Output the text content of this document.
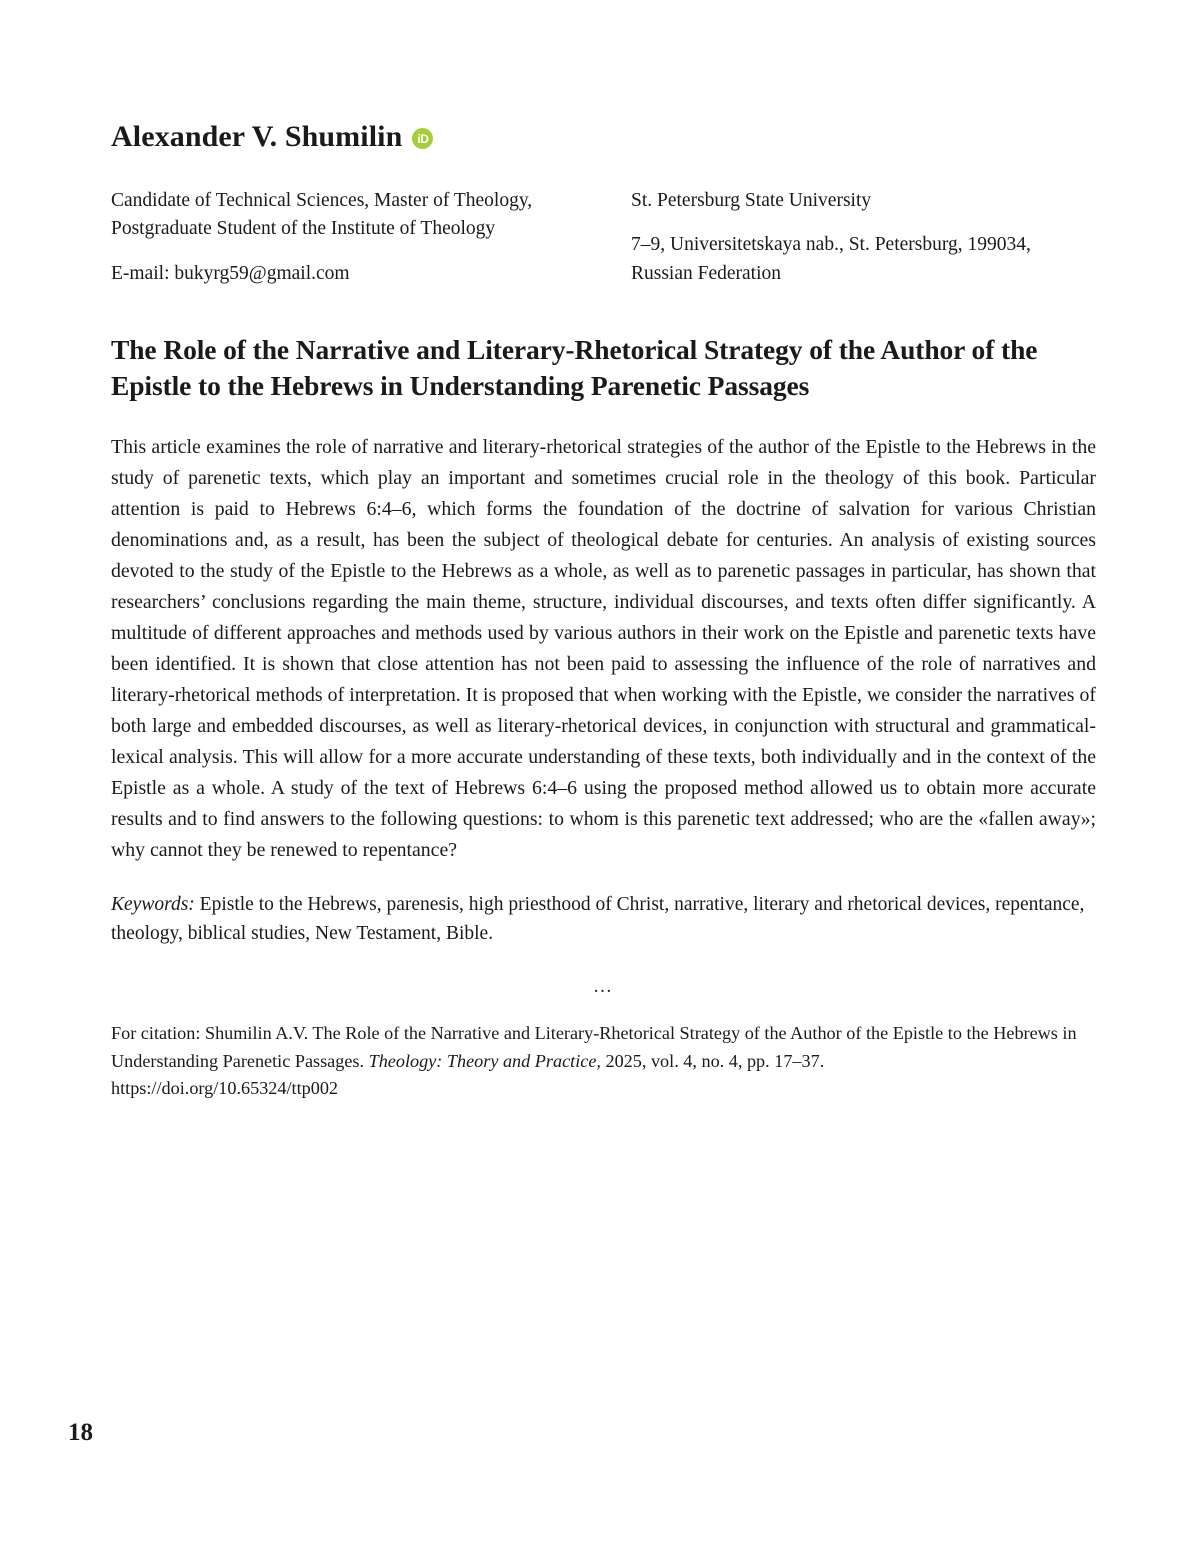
Alexander V. Shumilin	iD

Candidate of Technical Sciences, Master of Theology, Postgraduate Student of the Institute of Theology

E-mail: bukyrg59@gmail.com

St. Petersburg State University

7–9, Universitetskaya nab., St. Petersburg, 199034, Russian Federation

The Role of the Narrative and Literary-Rhetorical Strategy of the Author of the Epistle to the Hebrews in Understanding Parenetic Passages

This article examines the role of narrative and literary-rhetorical strategies of the author of the Epistle to the Hebrews in the study of parenetic texts, which play an important and sometimes crucial role in the theology of this book. Particular attention is paid to Hebrews 6:4–6, which forms the foundation of the doctrine of salvation for various Christian denominations and, as a result, has been the subject of theological debate for centuries. An analysis of existing sources devoted to the study of the Epistle to the Hebrews as a whole, as well as to parenetic passages in particular, has shown that researchers’ conclusions regarding the main theme, structure, individual discourses, and texts often differ significantly. A multitude of different approaches and methods used by various authors in their work on the Epistle and parenetic texts have been identified. It is shown that close attention has not been paid to assessing the influence of the role of narratives and literary-rhetorical methods of interpretation. It is proposed that when working with the Epistle, we consider the narratives of both large and embedded discourses, as well as literary-rhetorical devices, in conjunction with structural and grammatical-lexical analysis. This will allow for a more accurate understanding of these texts, both individually and in the context of the Epistle as a whole. A study of the text of Hebrews 6:4–6 using the proposed method allowed us to obtain more accurate results and to find answers to the following questions: to whom is this parenetic text addressed; who are the «fallen away»; why cannot they be renewed to repentance?

Keywords: Epistle to the Hebrews, parenesis, high priesthood of Christ, narrative, literary and rhetorical devices, repentance, theology, biblical studies, New Testament, Bible.

…

For citation: Shumilin A.V. The Role of the Narrative and Literary-Rhetorical Strategy of the Author of the Epistle to the Hebrews in Understanding Parenetic Passages. Theology: Theory and Practice, 2025, vol. 4, no. 4, pp. 17–37.
https://doi.org/10.65324/ttp002

18
